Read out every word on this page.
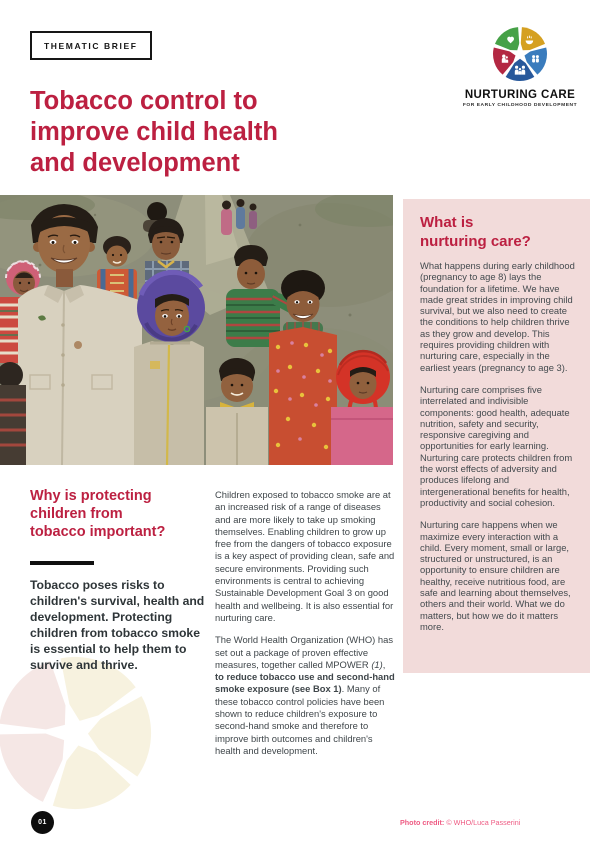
THEMATIC BRIEF
NURTURING CARE
FOR EARLY CHILDHOOD DEVELOPMENT
Tobacco control to
improve child health
and development
What is
nurturing care?

What happens during early childhood (pregnancy to age 8) lays the foundation for a lifetime. We have made great strides in improving child survival, but we also need to create the conditions to help children thrive as they grow and develop. This requires providing children with nurturing care, especially in the earliest years (pregnancy to age 3).

Nurturing care comprises five interrelated and indivisible components: good health, adequate nutrition, safety and security, responsive caregiving and opportunities for early learning. Nurturing care protects children from the worst effects of adversity and produces lifelong and intergenerational benefits for health, productivity and social cohesion.

Nurturing care happens when we maximize every interaction with a child. Every moment, small or large, structured or unstructured, is an opportunity to ensure children are healthy, receive nutritious food, are safe and learning about themselves, others and their world. What we do matters, but how we do it matters more.

Why is protecting
children from
tobacco important?
Tobacco poses risks to children's survival, health and development. Protecting children from tobacco smoke is essential to help them to survive and thrive.

Children exposed to tobacco smoke are at an increased risk of a range of diseases and are more likely to take up smoking themselves. Enabling children to grow up free from the dangers of tobacco exposure is a key aspect of providing clean, safe and secure environments. Providing such environments is central to achieving Sustainable Development Goal 3 on good health and wellbeing. It is also essential for nurturing care.

The World Health Organization (WHO) has set out a package of proven effective measures, together called MPOWER (1), to reduce tobacco use and second-hand smoke exposure (see Box 1). Many of these tobacco control policies have been shown to reduce children's exposure to second-hand smoke and therefore to improve birth outcomes and children's health and development.

01	Photo credit: © WHO/Luca Passerini
